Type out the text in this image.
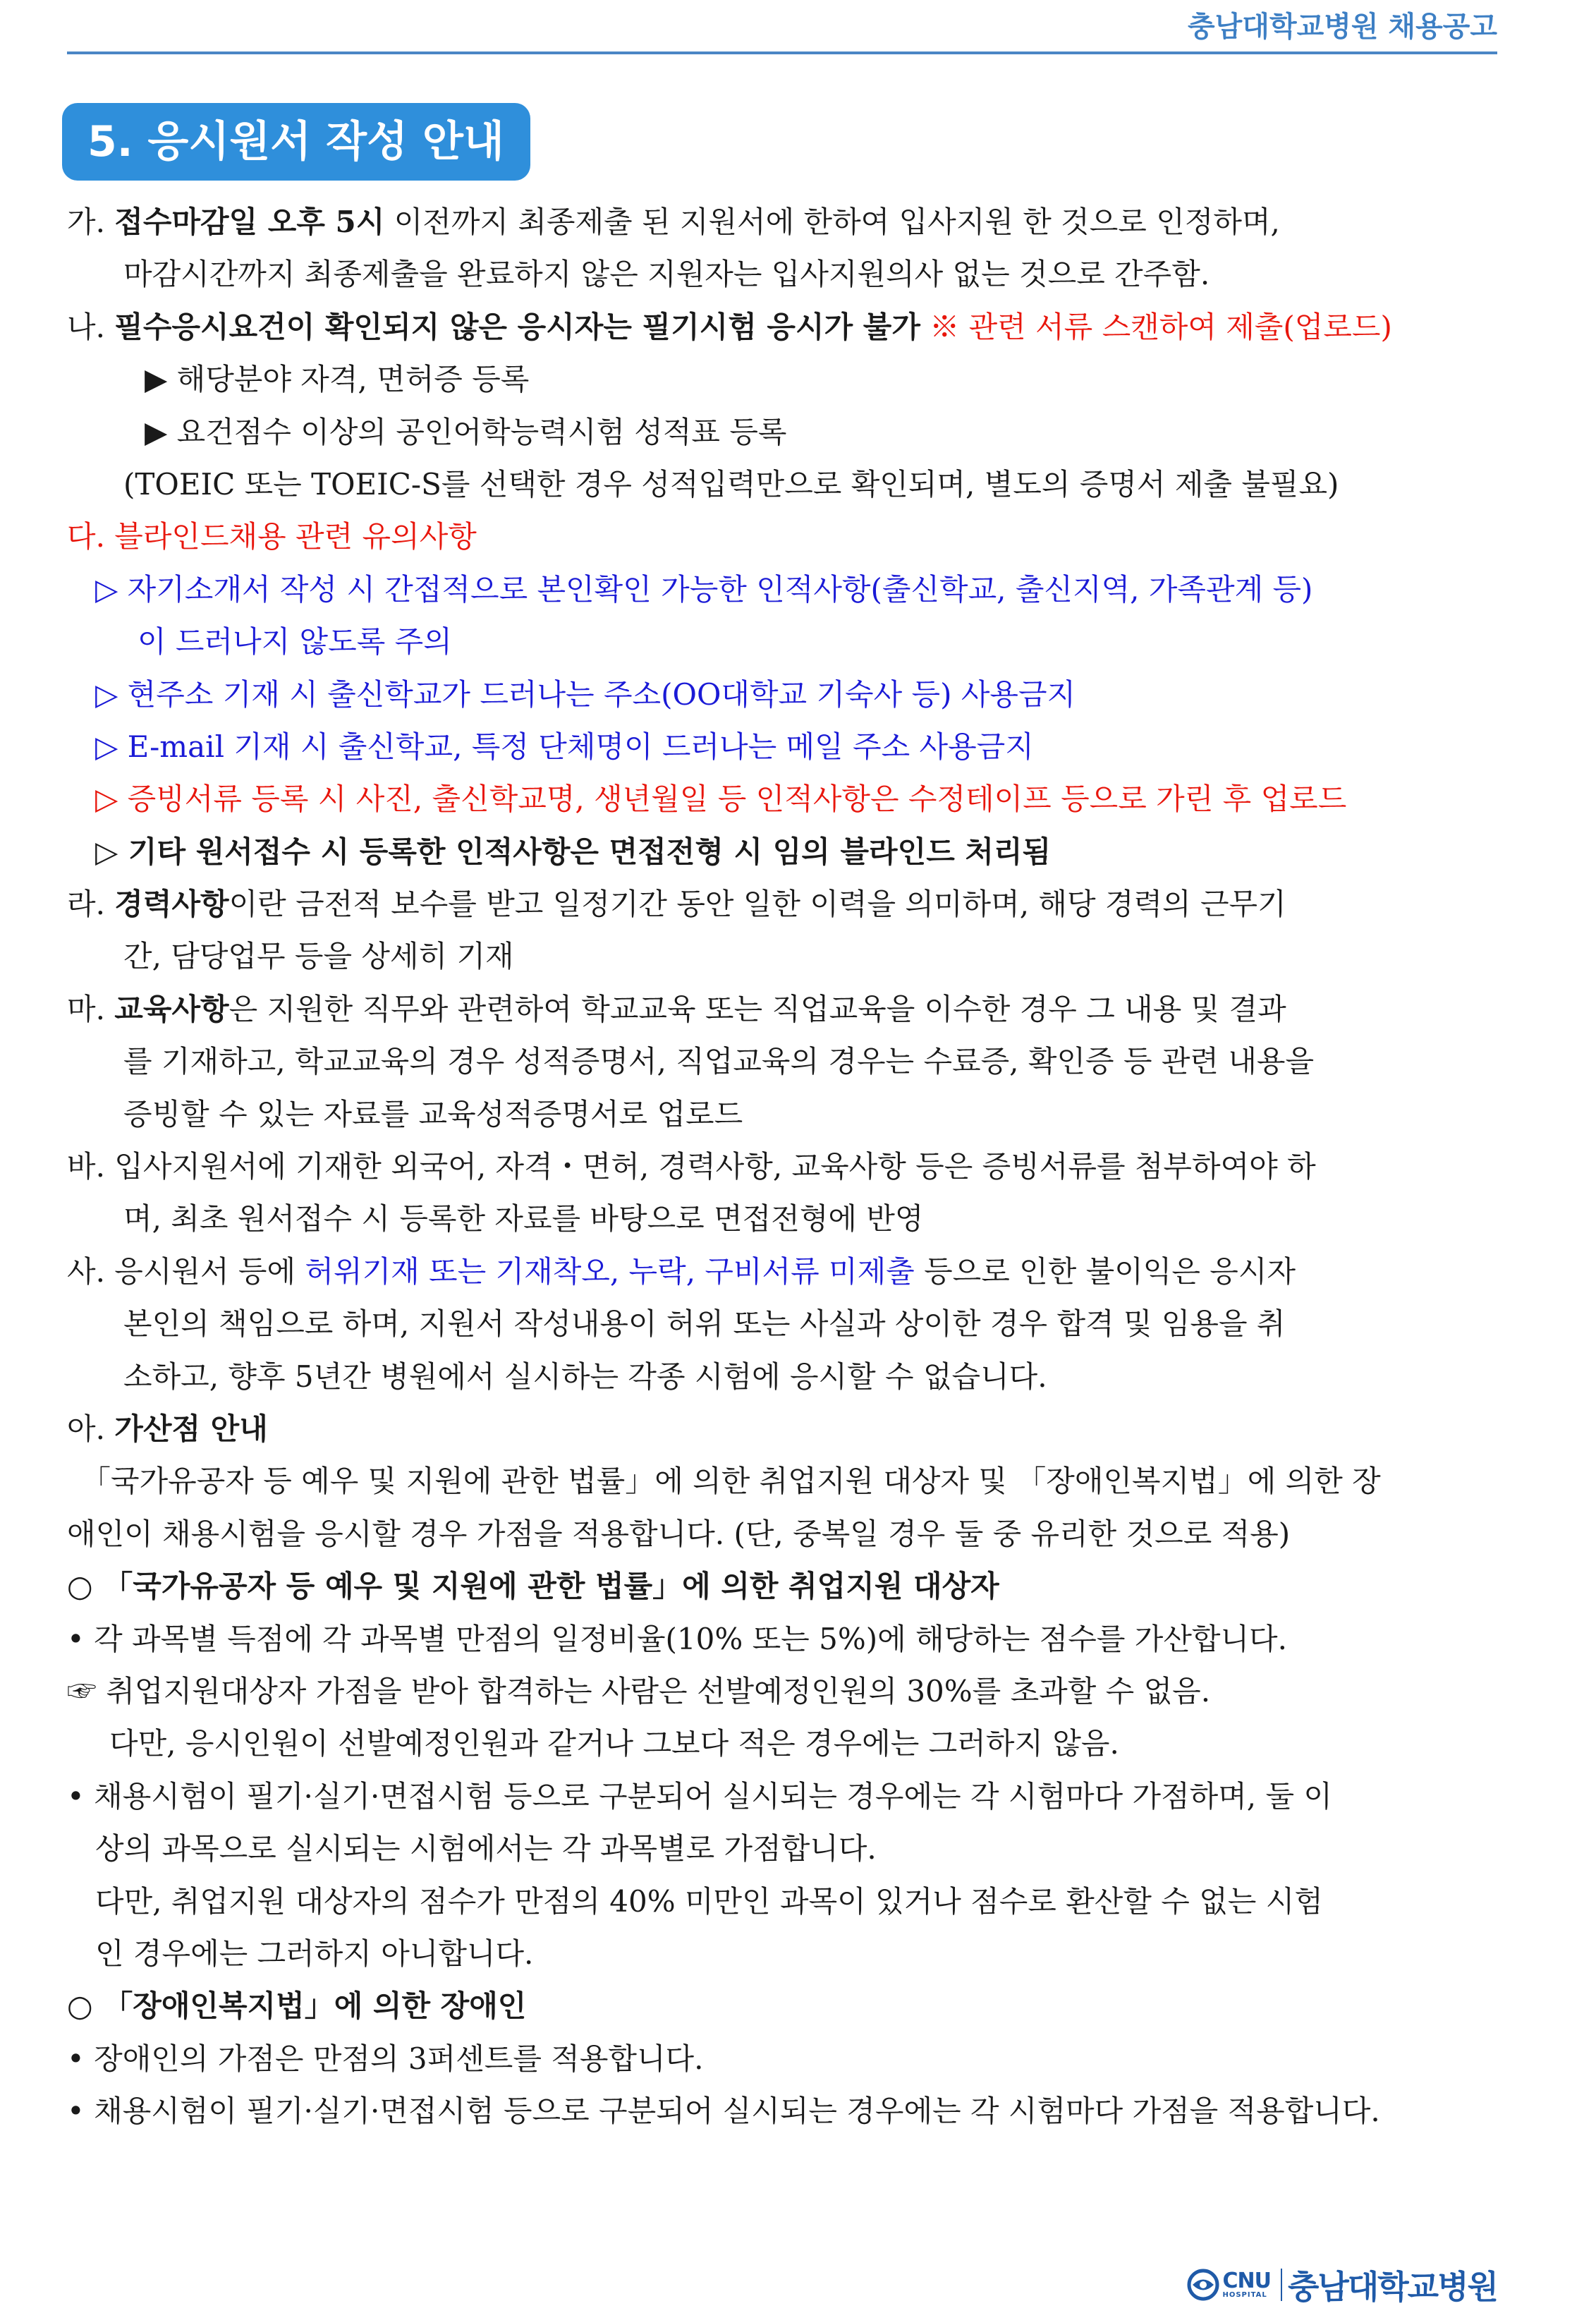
충남대학교병원 채용공고
5. 응시원서 작성 안내
가. 접수마감일 오후 5시 이전까지 최종제출 된 지원서에 한하여 입사지원 한 것으로 인정하며,
마감시간까지 최종제출을 완료하지 않은 지원자는 입사지원의사 없는 것으로 간주함.
나. 필수응시요건이 확인되지 않은 응시자는 필기시험 응시가 불가 ※ 관련 서류 스캔하여 제출(업로드)
▶ 해당분야 자격, 면허증 등록
▶ 요건점수 이상의 공인어학능력시험 성적표 등록
(TOEIC 또는 TOEIC-S를 선택한 경우 성적입력만으로 확인되며, 별도의 증명서 제출 불필요)
다. 블라인드채용 관련 유의사항
▷ 자기소개서 작성 시 간접적으로 본인확인 가능한 인적사항(출신학교, 출신지역, 가족관계 등)
이 드러나지 않도록 주의
▷ 현주소 기재 시 출신학교가 드러나는 주소(OO대학교 기숙사 등) 사용금지
▷ E-mail 기재 시 출신학교, 특정 단체명이 드러나는 메일 주소 사용금지
▷ 증빙서류 등록 시 사진, 출신학교명, 생년월일 등 인적사항은 수정테이프 등으로 가린 후 업로드
▷ 기타 원서접수 시 등록한 인적사항은 면접전형 시 임의 블라인드 처리됨
라. 경력사항이란 금전적 보수를 받고 일정기간 동안 일한 이력을 의미하며, 해당 경력의 근무기
간, 담당업무 등을 상세히 기재
마. 교육사항은 지원한 직무와 관련하여 학교교육 또는 직업교육을 이수한 경우 그 내용 및 결과
를 기재하고, 학교교육의 경우 성적증명서, 직업교육의 경우는 수료증, 확인증 등 관련 내용을
증빙할 수 있는 자료를 교육성적증명서로 업로드
바. 입사지원서에 기재한 외국어, 자격・면허, 경력사항, 교육사항 등은 증빙서류를 첨부하여야 하
며, 최초 원서접수 시 등록한 자료를 바탕으로 면접전형에 반영
사. 응시원서 등에 허위기재 또는 기재착오, 누락, 구비서류 미제출 등으로 인한 불이익은 응시자
본인의 책임으로 하며, 지원서 작성내용이 허위 또는 사실과 상이한 경우 합격 및 임용을 취
소하고, 향후 5년간 병원에서 실시하는 각종 시험에 응시할 수 없습니다.
아. 가산점 안내
「국가유공자 등 예우 및 지원에 관한 법률」에 의한 취업지원 대상자 및 「장애인복지법」에 의한 장
애인이 채용시험을 응시할 경우 가점을 적용합니다. (단, 중복일 경우 둘 중 유리한 것으로 적용)
○ 「국가유공자 등 예우 및 지원에 관한 법률」에 의한 취업지원 대상자
• 각 과목별 득점에 각 과목별 만점의 일정비율(10% 또는 5%)에 해당하는 점수를 가산합니다.
☞ 취업지원대상자 가점을 받아 합격하는 사람은 선발예정인원의 30%를 초과할 수 없음.
다만, 응시인원이 선발예정인원과 같거나 그보다 적은 경우에는 그러하지 않음.
• 채용시험이 필기·실기·면접시험 등으로 구분되어 실시되는 경우에는 각 시험마다 가점하며, 둘 이
상의 과목으로 실시되는 시험에서는 각 과목별로 가점합니다.
다만, 취업지원 대상자의 점수가 만점의 40% 미만인 과목이 있거나 점수로 환산할 수 없는 시험
인 경우에는 그러하지 아니합니다.
○ 「장애인복지법」에 의한 장애인
• 장애인의 가점은 만점의 3퍼센트를 적용합니다.
• 채용시험이 필기·실기·면접시험 등으로 구분되어 실시되는 경우에는 각 시험마다 가점을 적용합니다.
CNU
HOSPITAL 충남대학교병원
